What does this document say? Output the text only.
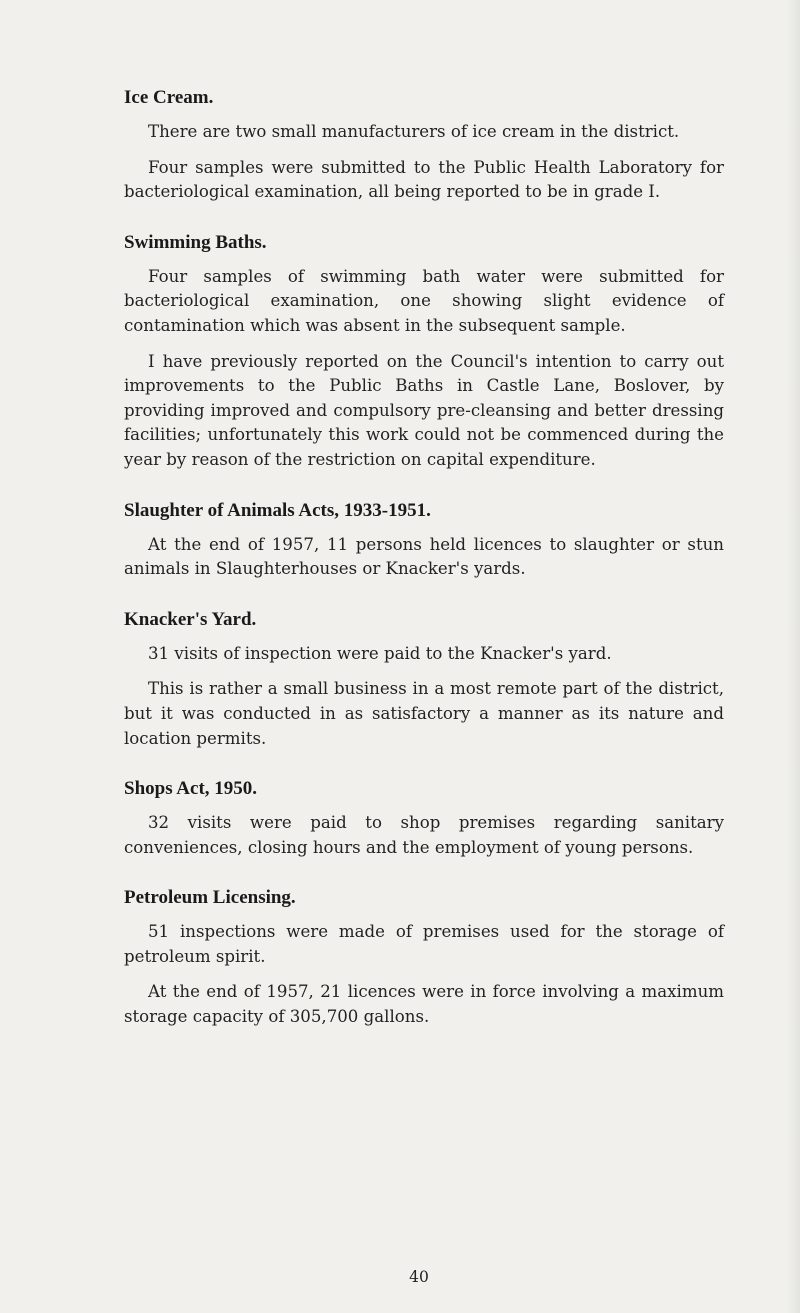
Ice Cream.

There are two small manufacturers of ice cream in the district.

Four samples were submitted to the Public Health Laboratory for bacteriological examination, all being reported to be in grade I.

Swimming Baths.

Four samples of swimming bath water were submitted for bacteriological examination, one showing slight evidence of contamination which was absent in the subsequent sample.

I have previously reported on the Council's intention to carry out improvements to the Public Baths in Castle Lane, Boslover, by providing improved and compulsory pre-cleansing and better dressing facilities; unfortunately this work could not be commenced during the year by reason of the restriction on capital expenditure.

Slaughter of Animals Acts, 1933-1951.

At the end of 1957, 11 persons held licences to slaughter or stun animals in Slaughterhouses or Knacker's yards.

Knacker's Yard.

31 visits of inspection were paid to the Knacker's yard.

This is rather a small business in a most remote part of the district, but it was conducted in as satisfactory a manner as its nature and location permits.

Shops Act, 1950.

32 visits were paid to shop premises regarding sanitary conveniences, closing hours and the employment of young persons.

Petroleum Licensing.

51 inspections were made of premises used for the storage of petroleum spirit.

At the end of 1957, 21 licences were in force involving a maximum storage capacity of 305,700 gallons.

40
